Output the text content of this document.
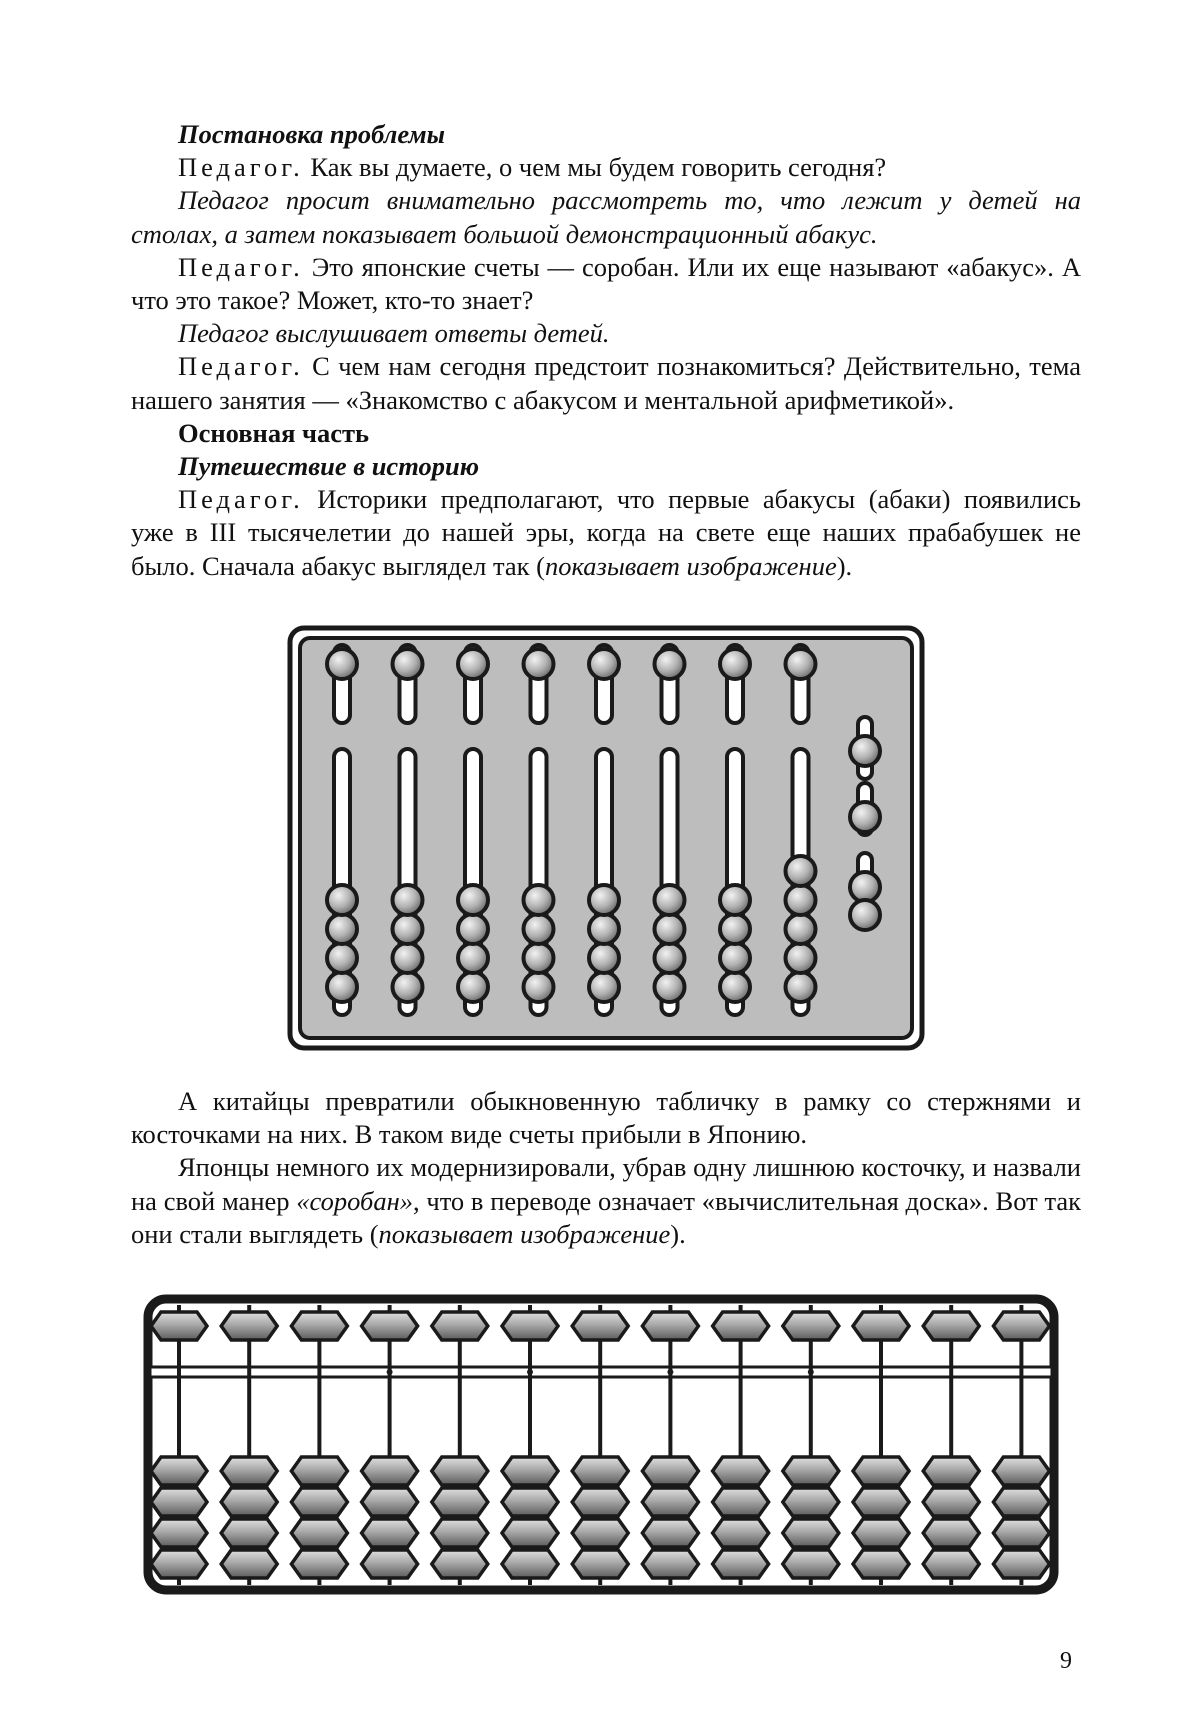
Постановка проблемы

Педагог. Как вы думаете, о чем мы будем говорить сегодня?

Педагог просит внимательно рассмотреть то, что лежит у детей на столах, а затем показывает большой демонстрационный абакус.

Педагог. Это японские счеты — соробан. Или их еще называют «абакус». А что это такое? Может, кто-то знает?

Педагог выслушивает ответы детей.

Педагог. С чем нам сегодня предстоит познакомиться? Действительно, тема нашего занятия — «Знакомство с абакусом и ментальной арифметикой».

Основная часть

Путешествие в историю

Педагог. Историки предполагают, что первые абакусы (абаки) появились уже в III тысячелетии до нашей эры, когда на свете еще наших прабабушек не было. Сначала абакус выглядел так (показывает изображение).

А китайцы превратили обыкновенную табличку в рамку со стержнями и косточками на них. В таком виде счеты прибыли в Японию.

Японцы немного их модернизировали, убрав одну лишнюю косточку, и назвали на свой манер «соробан», что в переводе означает «вычислительная доска». Вот так они стали выглядеть (показывает изображение).

9
